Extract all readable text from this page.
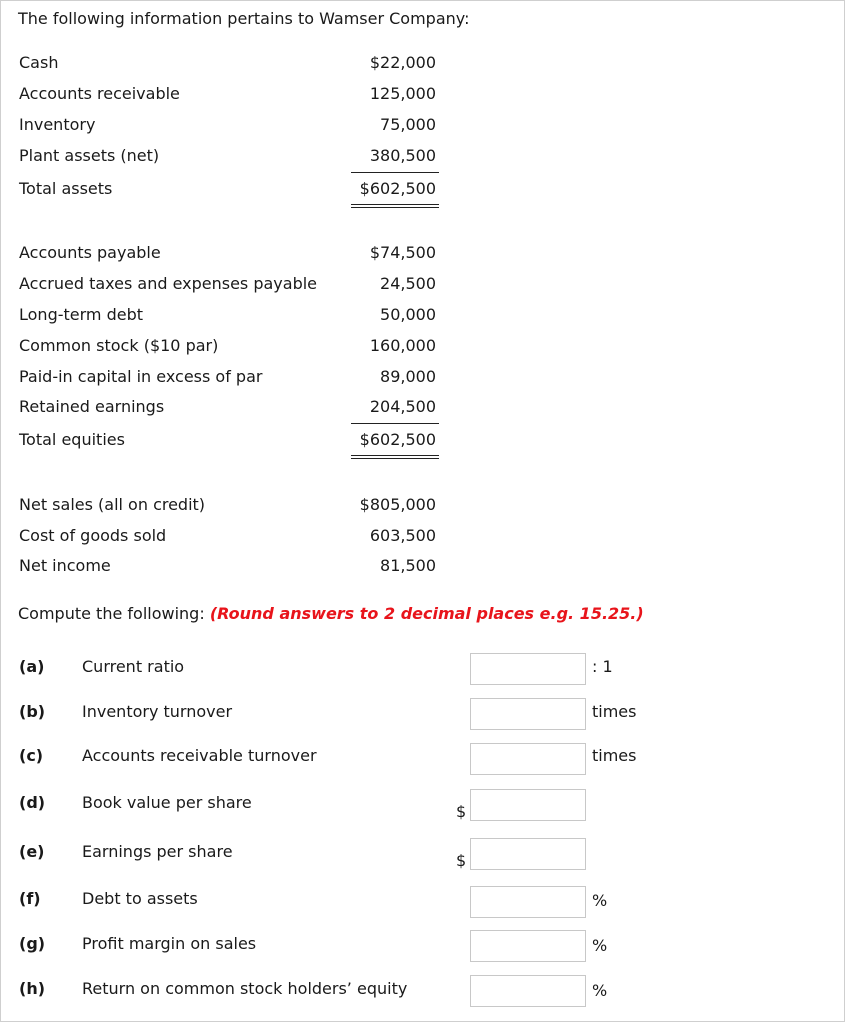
The following information pertains to Wamser Company:
Cash	$22,000
Accounts receivable	125,000
Inventory	75,000
Plant assets (net)	380,500
Total assets	$602,500
Accounts payable	$74,500
Accrued taxes and expenses payable	24,500
Long-term debt	50,000
Common stock ($10 par)	160,000
Paid-in capital in excess of par	89,000
Retained earnings	204,500
Total equities	$602,500
Net sales (all on credit)	$805,000
Cost of goods sold	603,500
Net income	81,500
Compute the following: (Round answers to 2 decimal places e.g. 15.25.)
(a) Current ratio	: 1
(b) Inventory turnover	times
(c) Accounts receivable turnover	times
(d) Book value per share	$
(e) Earnings per share	$
(f)	Debt to assets	%
(g) Profit margin on sales	%
(h) Return on common stock holders’ equity	%
